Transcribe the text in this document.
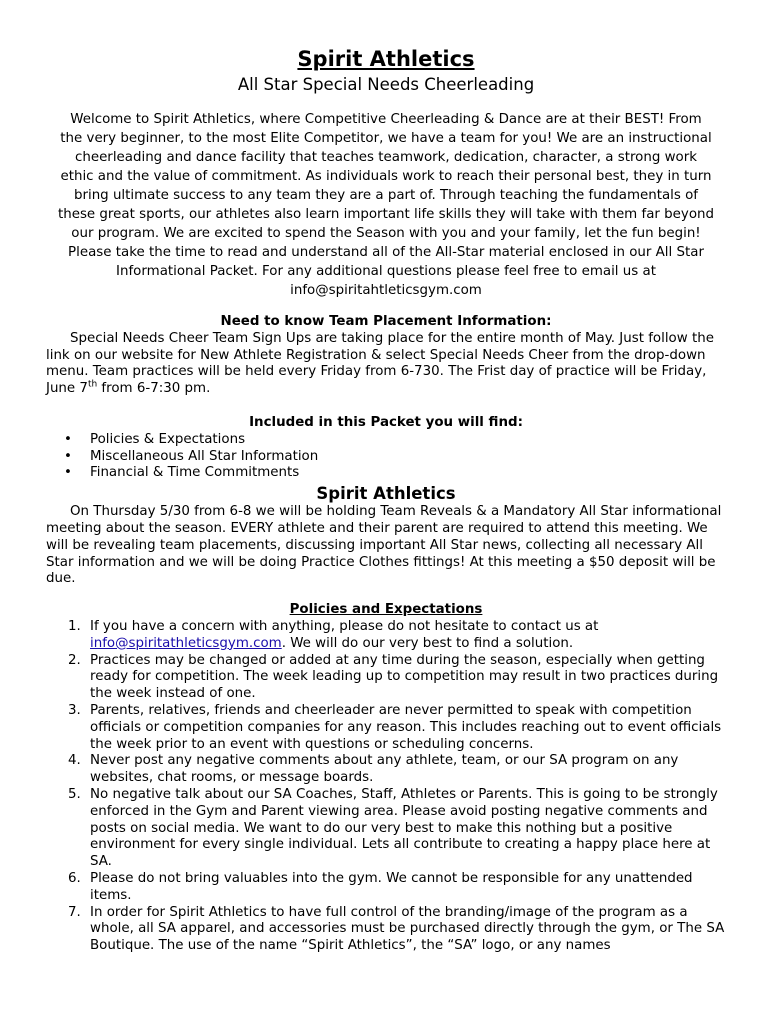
Spirit Athletics
All Star Special Needs Cheerleading
Welcome to Spirit Athletics, where Competitive Cheerleading & Dance are at their BEST! From
the very beginner, to the most Elite Competitor, we have a team for you! We are an instructional
cheerleading and dance facility that teaches teamwork, dedication, character, a strong work
ethic and the value of commitment. As individuals work to reach their personal best, they in turn
bring ultimate success to any team they are a part of. Through teaching the fundamentals of
these great sports, our athletes also learn important life skills they will take with them far beyond
our program. We are excited to spend the Season with you and your family, let the fun begin!
Please take the time to read and understand all of the All-Star material enclosed in our All Star
Informational Packet. For any additional questions please feel free to email us at
info@spiritahtleticsgym.com
Need to know Team Placement Information:
Special Needs Cheer Team Sign Ups are taking place for the entire month of May. Just follow the link on our website for New Athlete Registration & select Special Needs Cheer from the drop-down menu. Team practices will be held every Friday from 6-730. The Frist day of practice will be Friday, June 7th from 6-7:30 pm.
Included in this Packet you will find:
• Policies & Expectations
• Miscellaneous All Star Information
• Financial & Time Commitments
Spirit Athletics
On Thursday 5/30 from 6-8 we will be holding Team Reveals & a Mandatory All Star informational meeting about the season. EVERY athlete and their parent are required to attend this meeting. We will be revealing team placements, discussing important All Star news, collecting all necessary All Star information and we will be doing Practice Clothes fittings! At this meeting a $50 deposit will be due.
Policies and Expectations
1. If you have a concern with anything, please do not hesitate to contact us at info@spiritathleticsgym.com. We will do our very best to find a solution.
2. Practices may be changed or added at any time during the season, especially when getting ready for competition. The week leading up to competition may result in two practices during the week instead of one.
3. Parents, relatives, friends and cheerleader are never permitted to speak with competition officials or competition companies for any reason. This includes reaching out to event officials the week prior to an event with questions or scheduling concerns.
4. Never post any negative comments about any athlete, team, or our SA program on any websites, chat rooms, or message boards.
5. No negative talk about our SA Coaches, Staff, Athletes or Parents. This is going to be strongly enforced in the Gym and Parent viewing area. Please avoid posting negative comments and posts on social media. We want to do our very best to make this nothing but a positive environment for every single individual. Lets all contribute to creating a happy place here at SA.
6. Please do not bring valuables into the gym. We cannot be responsible for any unattended items.
7. In order for Spirit Athletics to have full control of the branding/image of the program as a whole, all SA apparel, and accessories must be purchased directly through the gym, or The SA Boutique. The use of the name “Spirit Athletics”, the “SA” logo, or any names
